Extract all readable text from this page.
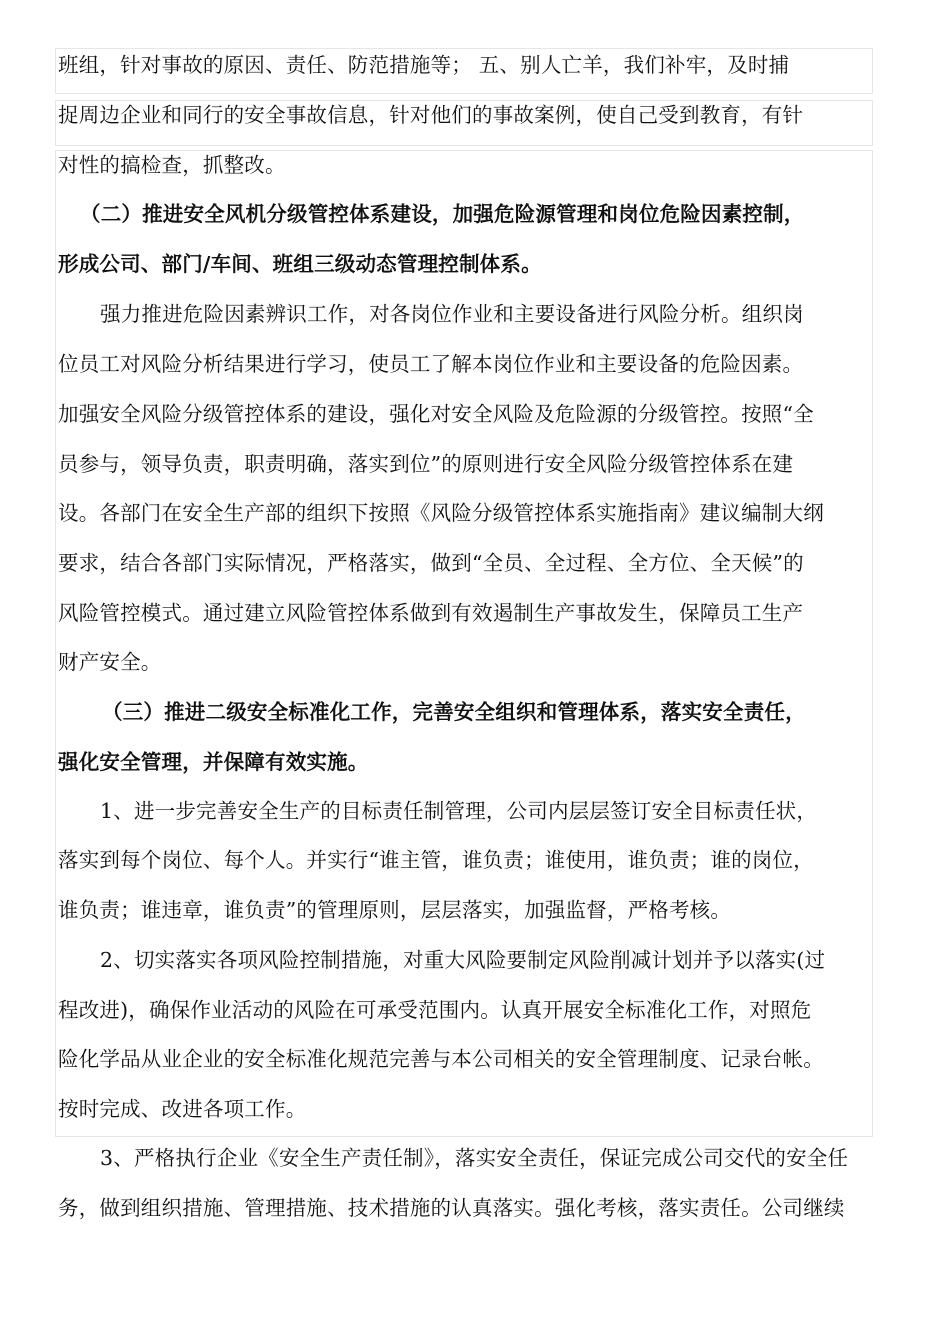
班组，针对事故的原因、责任、防范措施等； 五、别人亡羊，我们补牢，及时捕
捉周边企业和同行的安全事故信息，针对他们的事故案例，使自己受到教育，有针
对性的搞检查，抓整改。
（二）推进安全风机分级管控体系建设，加强危险源管理和岗位危险因素控制，
形成公司、部门/车间、班组三级动态管理控制体系。
强力推进危险因素辨识工作，对各岗位作业和主要设备进行风险分析。组织岗
位员工对风险分析结果进行学习，使员工了解本岗位作业和主要设备的危险因素。
加强安全风险分级管控体系的建设，强化对安全风险及危险源的分级管控。按照“全
员参与，领导负责，职责明确，落实到位”的原则进行安全风险分级管控体系在建
设。各部门在安全生产部的组织下按照《风险分级管控体系实施指南》建议编制大纲
要求，结合各部门实际情况，严格落实，做到“全员、全过程、全方位、全天候”的
风险管控模式。通过建立风险管控体系做到有效遏制生产事故发生，保障员工生产
财产安全。
（三）推进二级安全标准化工作，完善安全组织和管理体系，落实安全责任，
强化安全管理，并保障有效实施。
1、进一步完善安全生产的目标责任制管理，公司内层层签订安全目标责任状，
落实到每个岗位、每个人。并实行“谁主管，谁负责；谁使用，谁负责；谁的岗位，
谁负责；谁违章，谁负责”的管理原则，层层落实，加强监督，严格考核。
2、切实落实各项风险控制措施，对重大风险要制定风险削减计划并予以落实(过
程改进)，确保作业活动的风险在可承受范围内。认真开展安全标准化工作，对照危
险化学品从业企业的安全标准化规范完善与本公司相关的安全管理制度、记录台帐。
按时完成、改进各项工作。
3、严格执行企业《安全生产责任制》，落实安全责任，保证完成公司交代的安全任
务，做到组织措施、管理措施、技术措施的认真落实。强化考核，落实责任。公司继续
